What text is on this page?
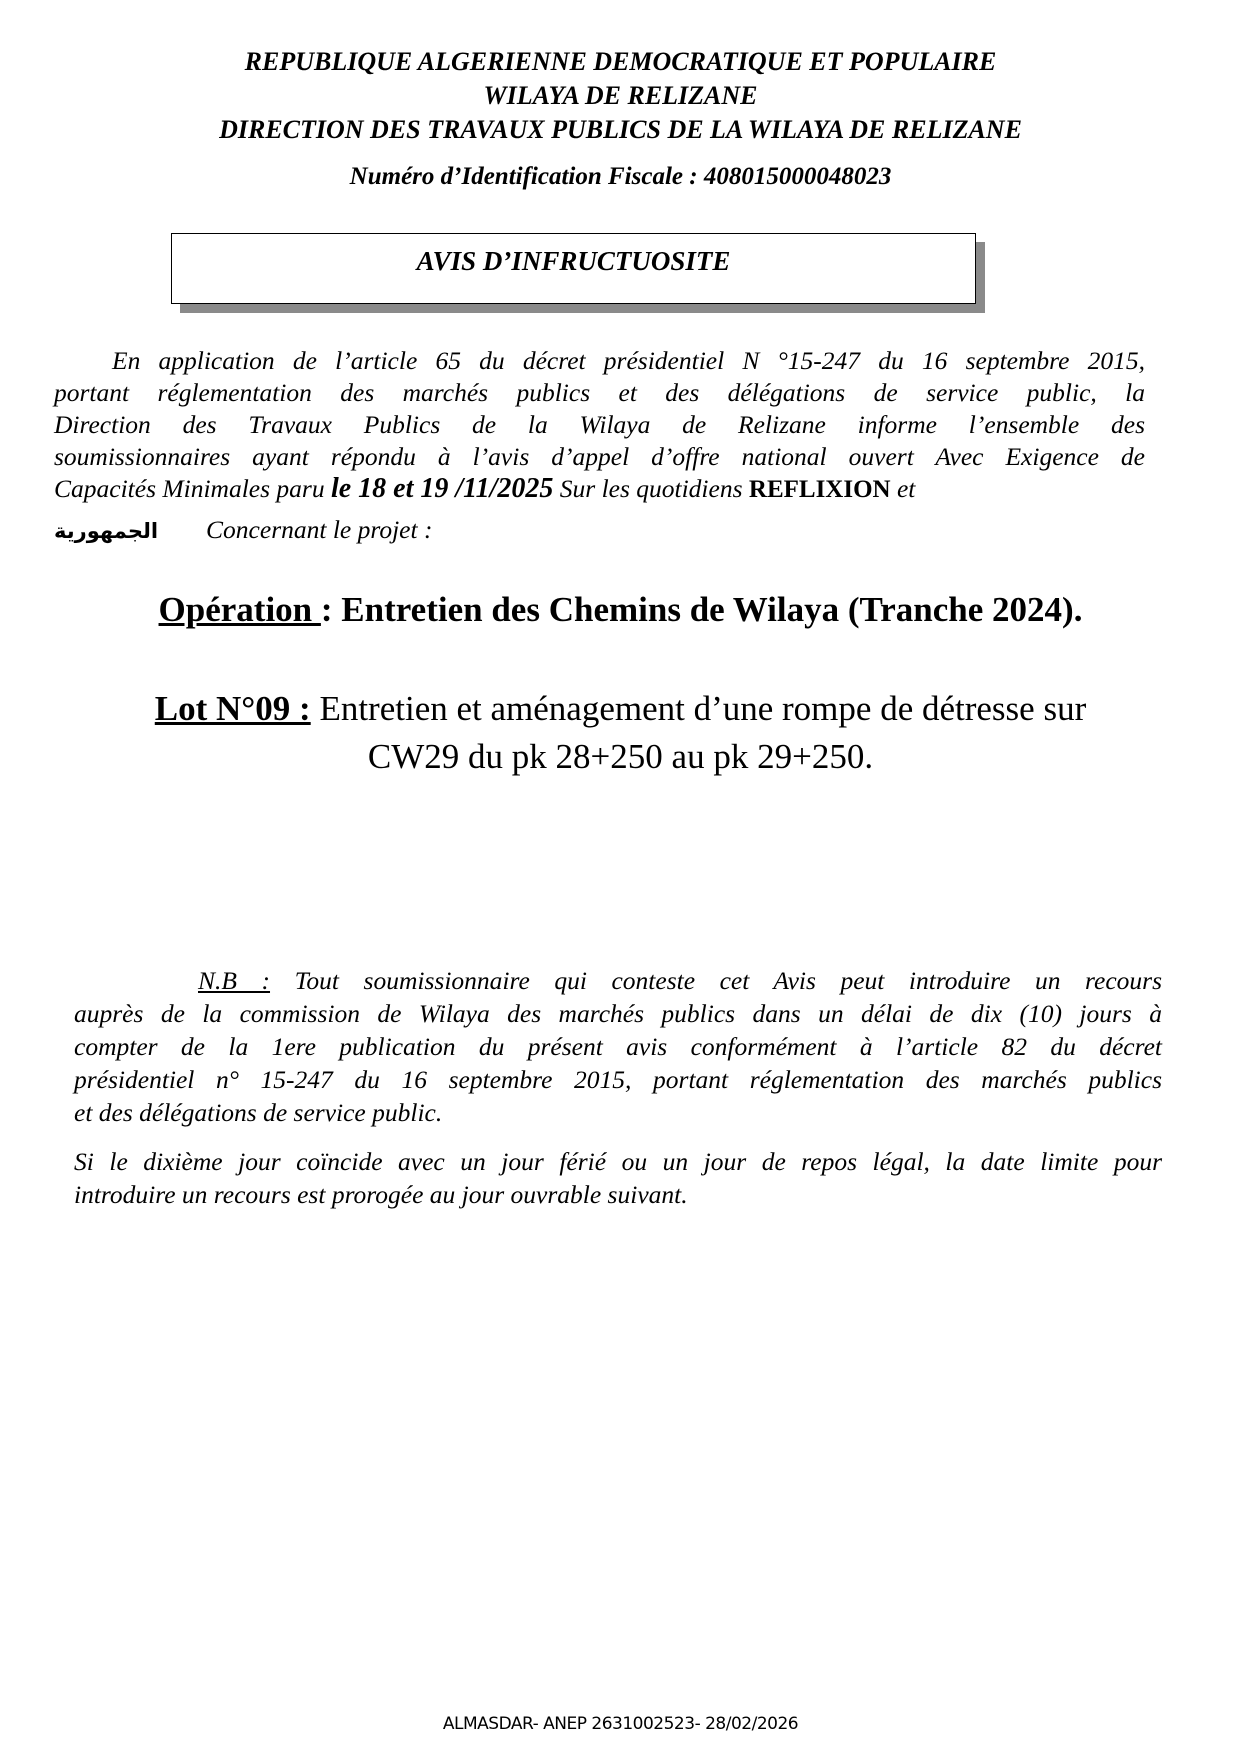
REPUBLIQUE ALGERIENNE DEMOCRATIQUE ET POPULAIRE
WILAYA DE RELIZANE
DIRECTION DES TRAVAUX PUBLICS DE LA WILAYA DE RELIZANE
Numéro d’Identification Fiscale : 408015000048023
AVIS D’INFRUCTUOSITE
En application de l’article 65 du décret présidentiel N °15-247 du 16 septembre 2015,
portant réglementation des marchés publics et des délégations de service public, la
Direction des Travaux Publics de la Wilaya de Relizane informe l’ensemble des
soumissionnaires ayant répondu à l’avis d’appel d’offre national ouvert Avec Exigence de
Capacités Minimales paru le 18 et 19 /11/2025 Sur les quotidiens REFLIXION et
الجمهورية Concernant le projet :
Opération : Entretien des Chemins de Wilaya (Tranche 2024).
Lot N°09 : Entretien et aménagement d’une rompe de détresse sur
CW29 du pk 28+250 au pk 29+250.
N.B : Tout soumissionnaire qui conteste cet Avis peut introduire un recours
auprès de la commission de Wilaya des marchés publics dans un délai de dix (10) jours à
compter de la 1ere publication du présent avis conformément à l’article 82 du décret
présidentiel n° 15-247 du 16 septembre 2015, portant réglementation des marchés publics
et des délégations de service public.
Si le dixième jour coïncide avec un jour férié ou un jour de repos légal, la date limite pour
introduire un recours est prorogée au jour ouvrable suivant.
ALMASDAR- ANEP 2631002523- 28/02/2026
